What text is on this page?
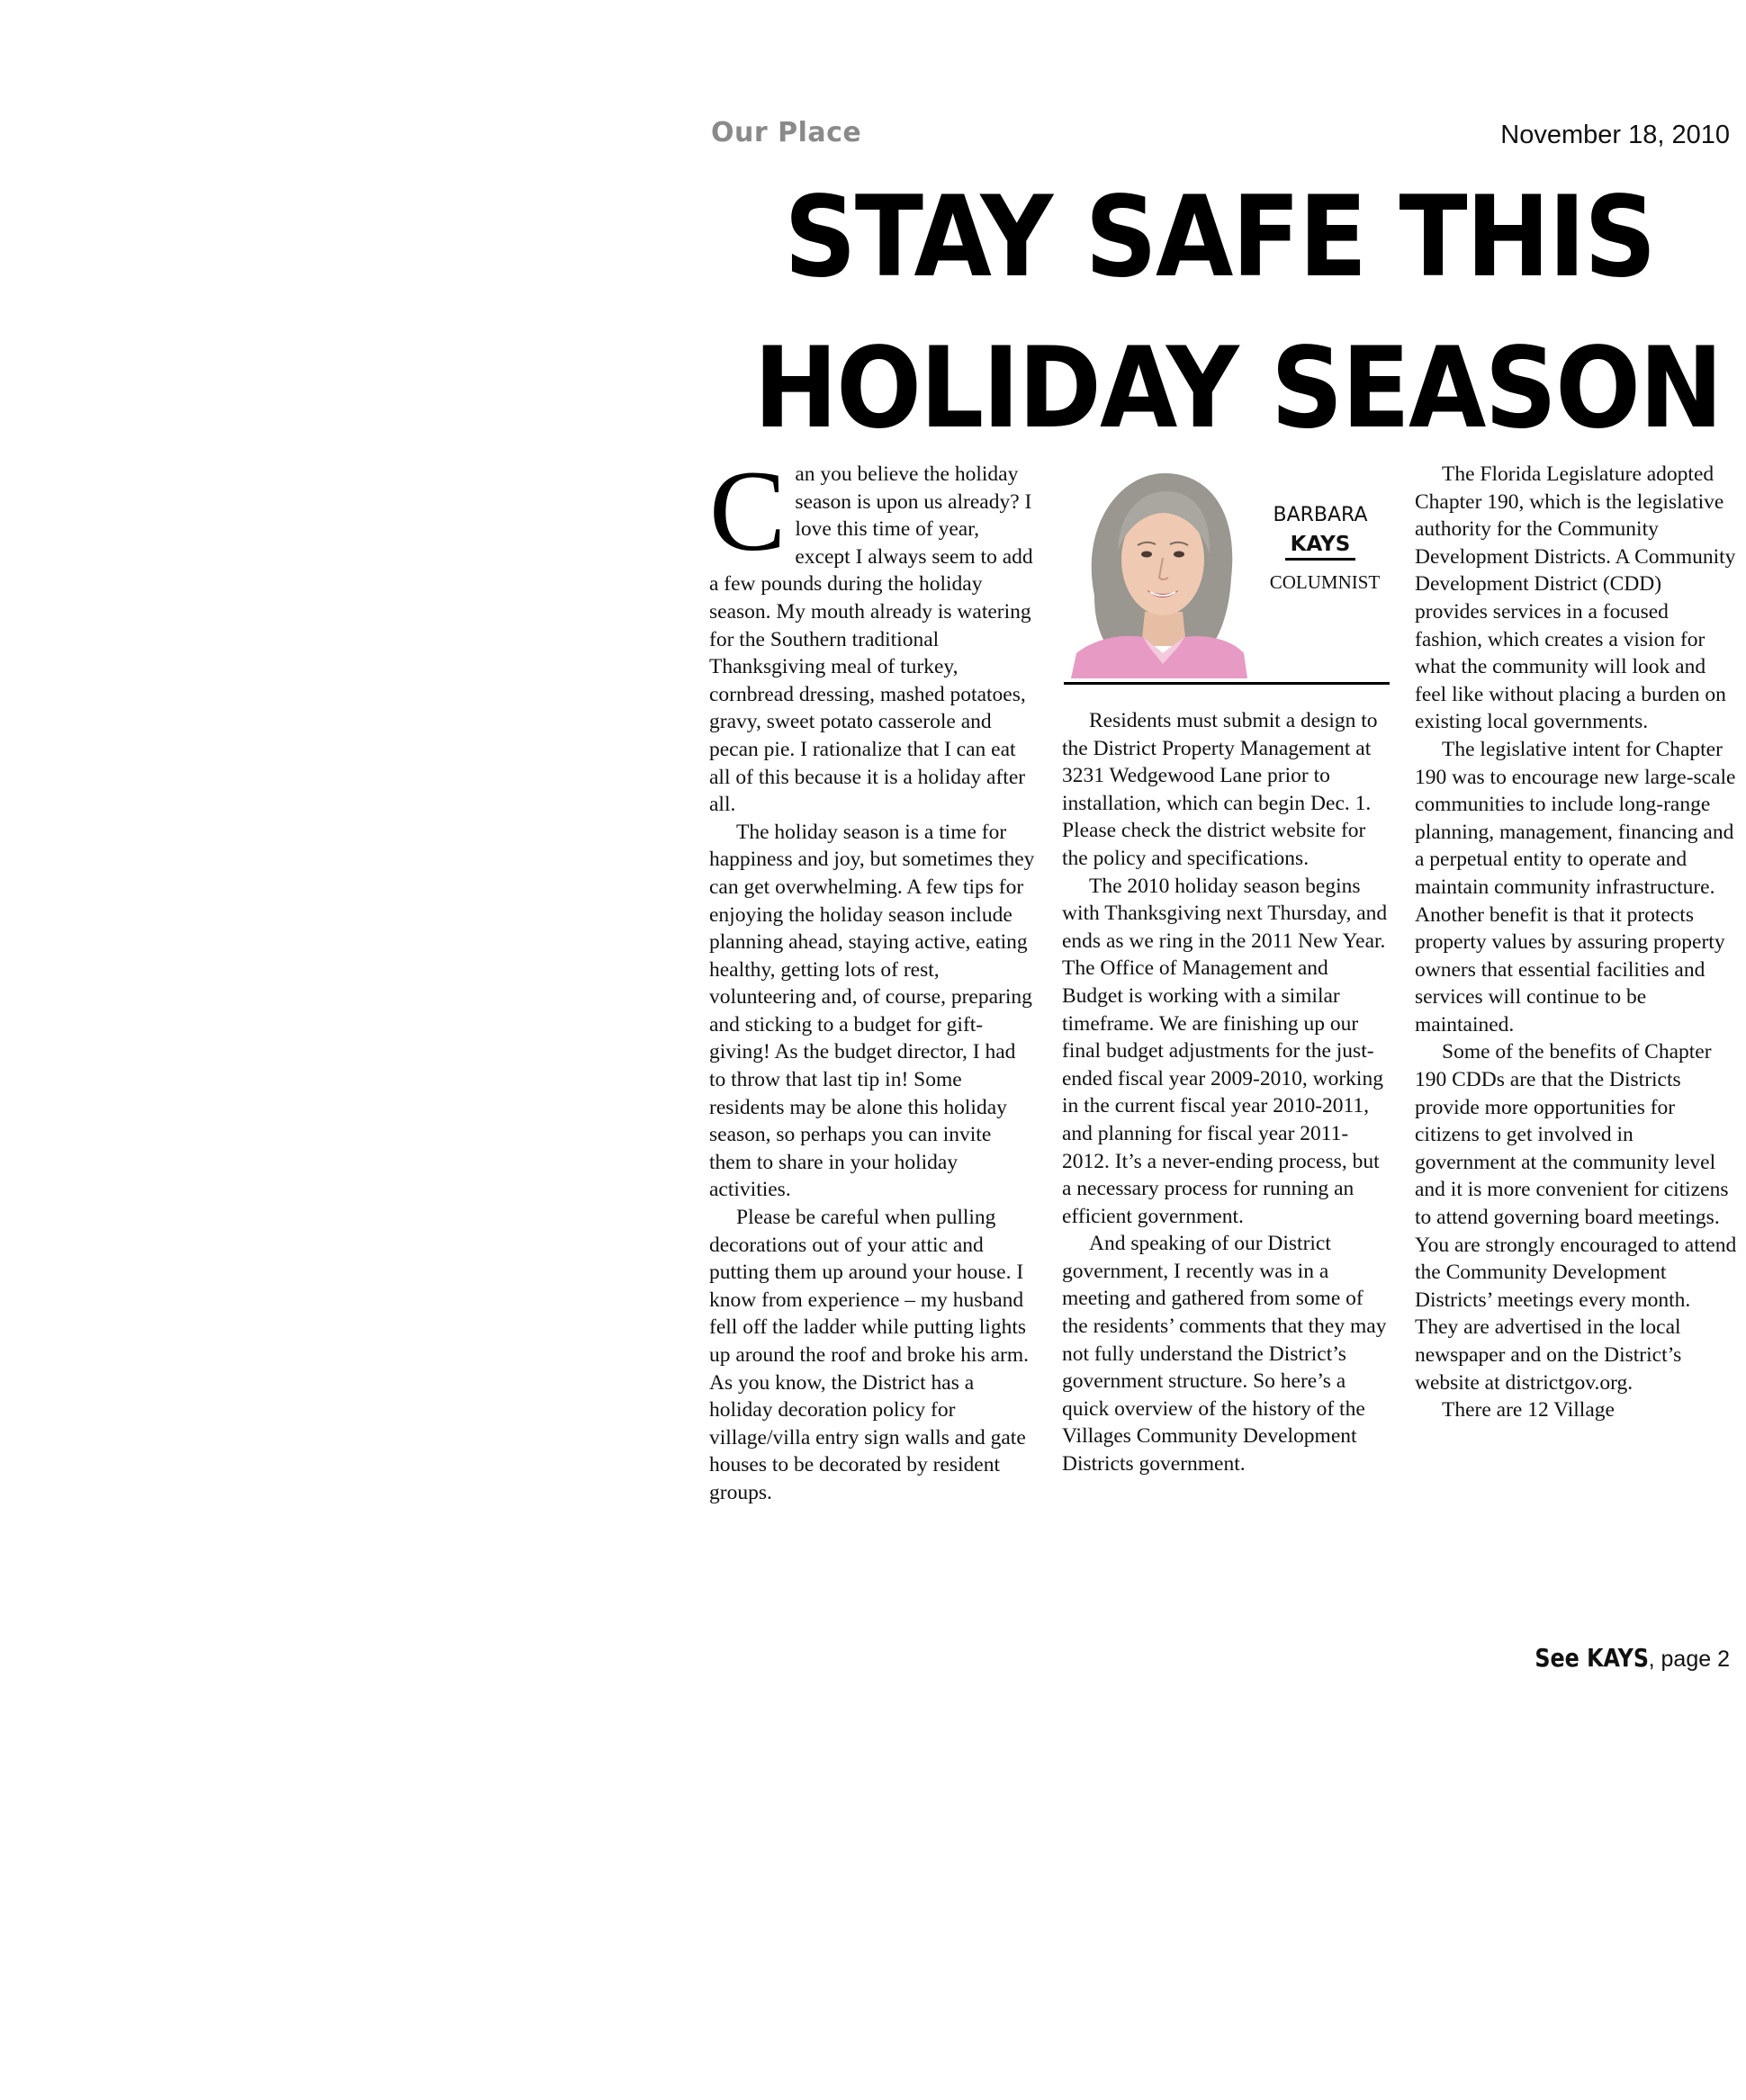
Our Place	November 18, 2010
STAY SAFE THIS
HOLIDAY SEASON

Can you believe the holiday season is upon us already? I love this time of year, except I always seem to add a few pounds during the holiday season. My mouth already is watering for the Southern traditional Thanksgiving meal of turkey, cornbread dressing, mashed potatoes, gravy, sweet potato casserole and pecan pie. I rationalize that I can eat all of this because it is a holiday after all.

The holiday season is a time for happiness and joy, but sometimes they can get overwhelming. A few tips for enjoying the holiday season include planning ahead, staying active, eating healthy, getting lots of rest, volunteering and, of course, preparing and sticking to a budget for gift-giving! As the budget director, I had to throw that last tip in! Some residents may be alone this holiday season, so perhaps you can invite them to share in your holiday activities.

Please be careful when pulling decorations out of your attic and putting them up around your house. I know from experience – my husband fell off the ladder while putting lights up around the roof and broke his arm. As you know, the District has a holiday decoration policy for village/villa entry sign walls and gate houses to be decorated by resident groups.

BARBARA
KAYS
COLUMNIST

Residents must submit a design to the District Property Management at 3231 Wedgewood Lane prior to installation, which can begin Dec. 1. Please check the district website for the policy and specifications.

The 2010 holiday season begins with Thanksgiving next Thursday, and ends as we ring in the 2011 New Year. The Office of Management and Budget is working with a similar timeframe. We are finishing up our final budget adjustments for the just-ended fiscal year 2009-2010, working in the current fiscal year 2010-2011, and planning for fiscal year 2011-2012. It’s a never-ending process, but a necessary process for running an efficient government.

And speaking of our District government, I recently was in a meeting and gathered from some of the residents’ comments that they may not fully understand the District’s government structure. So here’s a quick overview of the history of the Villages Community Development Districts government.

The Florida Legislature adopted Chapter 190, which is the legislative authority for the Community Development Districts. A Community Development District (CDD) provides services in a focused fashion, which creates a vision for what the community will look and feel like without placing a burden on existing local governments.

The legislative intent for Chapter 190 was to encourage new large-scale communities to include long-range planning, management, financing and a perpetual entity to operate and maintain community infrastructure. Another benefit is that it protects property values by assuring property owners that essential facilities and services will continue to be maintained.

Some of the benefits of Chapter 190 CDDs are that the Districts provide more opportunities for citizens to get involved in government at the community level and it is more convenient for citizens to attend governing board meetings. You are strongly encouraged to attend the Community Development Districts’ meetings every month. They are advertised in the local newspaper and on the District’s website at districtgov.org.

There are 12 Village

See KAYS, page 2
